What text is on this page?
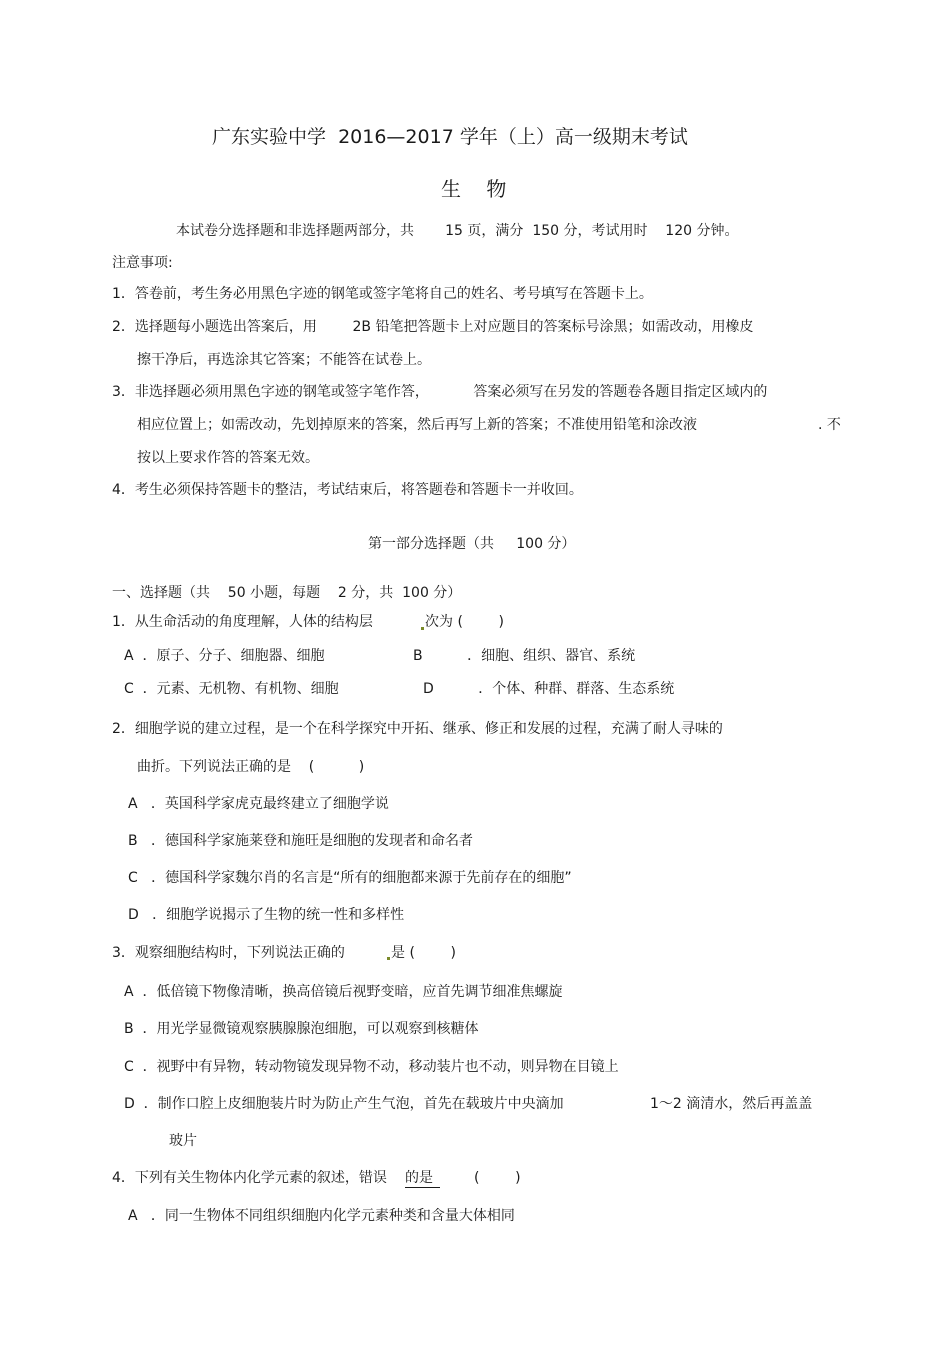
广东实验中学  2016—2017 学年（上）高一级期末考试
生    物
本试卷分选择题和非选择题两部分，共       15 页，满分  150 分，考试用时    120 分钟。
注意事项:
1．答卷前，考生务必用黑色字迹的钢笔或签字笔将自己的姓名、考号填写在答题卡上。
2．选择题每小题选出答案后，用        2B 铅笔把答题卡上对应题目的答案标号涂黑；如需改动，用橡皮
擦干净后，再选涂其它答案；不能答在试卷上。
3．非选择题必须用黑色字迹的钢笔或签字笔作答，          答案必须写在另发的答题卷各题目指定区域内的
相应位置上；如需改动，先划掉原来的答案，然后再写上新的答案；不准使用铅笔和涂改液	. 不
按以上要求作答的答案无效。
4．考生必须保持答题卡的整洁，考试结束后，将答题卷和答题卡一并收回。
第一部分选择题（共     100 分）
一、选择题（共    50 小题，每题    2 分，共  100 分）
1．从生命活动的角度理解，人体的结构层	次为 (        )
A  ．原子、分子、细胞器、细胞	B          ．细胞、组织、器官、系统
C  ．元素、无机物、有机物、细胞	D          ．个体、种群、群落、生态系统
2．细胞学说的建立过程，是一个在科学探究中开拓、继承、修正和发展的过程，充满了耐人寻味的
曲折。下列说法正确的是    (          )
A   ．英国科学家虎克最终建立了细胞学说
B   ．德国科学家施莱登和施旺是细胞的发现者和命名者
C   ．德国科学家魏尔肖的名言是“所有的细胞都来源于先前存在的细胞”
D   ．细胞学说揭示了生物的统一性和多样性
3．观察细胞结构时，下列说法正确的	是 (        )
A  ．低倍镜下物像清晰，换高倍镜后视野变暗，应首先调节细准焦螺旋
B  ．用光学显微镜观察胰腺腺泡细胞，可以观察到核糖体
C  ．视野中有异物，转动物镜发现异物不动，移动装片也不动，则异物在目镜上
D  ．制作口腔上皮细胞装片时为防止产生气泡，首先在载玻片中央滴加	1～2 滴清水，然后再盖盖
玻片
4．下列有关生物体内化学元素的叙述，错误 的是	(        )
A   ．同一生物体不同组织细胞内化学元素种类和含量大体相同
